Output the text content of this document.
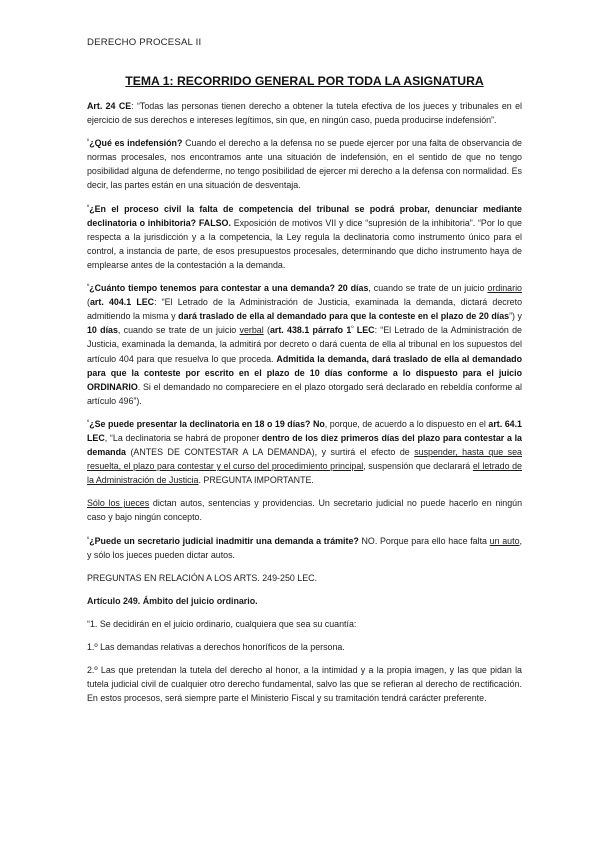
DERECHO PROCESAL II
TEMA 1: RECORRIDO GENERAL POR TODA LA ASIGNATURA

Art. 24 CE: “Todas las personas tienen derecho a obtener la tutela efectiva de los jueces y tribunales en el ejercicio de sus derechos e intereses legítimos, sin que, en ningún caso, pueda producirse indefensión”.

$^º$¿Qué es indefensión? Cuando el derecho a la defensa no se puede ejercer por una falta de observancia de normas procesales, nos encontramos ante una situación de indefensión, en el sentido de que no tengo posibilidad alguna de defenderme, no tengo posibilidad de ejercer mi derecho a la defensa con normalidad. Es decir, las partes están en una situación de desventaja.

$^º$¿En el proceso civil la falta de competencia del tribunal se podrá probar, denunciar mediante declinatoria o inhibitoria? FALSO. Exposición de motivos VII y dice “supresión de la inhibitoria”. “Por lo que respecta a la jurisdicción y a la competencia, la Ley regula la declinatoria como instrumento único para el control, a instancia de parte, de esos presupuestos procesales, determinando que dicho instrumento haya de emplearse antes de la contestación a la demanda.

$^º$¿Cuánto tiempo tenemos para contestar a una demanda? 20 días, cuando se trate de un juicio ordinario (art. 404.1 LEC: “El Letrado de la Administración de Justicia, examinada la demanda, dictará decreto admitiendo la misma y dará traslado de ella al demandado para que la conteste en el plazo de 20 días”) y 10 días, cuando se trate de un juicio verbal (art. 438.1 párrafo $1^º$ LEC: “El Letrado de la Administración de Justicia, examinada la demanda, la admitirá por decreto o dará cuenta de ella al tribunal en los supuestos del artículo 404 para que resuelva lo que proceda. Admitida la demanda, dará traslado de ella al demandado para que la conteste por escrito en el plazo de 10 días conforme a lo dispuesto para el juicio ORDINARIO. Si el demandado no compareciere en el plazo otorgado será declarado en rebeldía conforme al artículo 496”).

$^º$¿Se puede presentar la declinatoria en 18 o 19 días? No, porque, de acuerdo a lo dispuesto en el art. 64.1 LEC, “La declinatoria se habrá de proponer dentro de los diez primeros días del plazo para contestar a la demanda (ANTES DE CONTESTAR A LA DEMANDA), y surtirá el efecto de suspender, hasta que sea resuelta, el plazo para contestar y el curso del procedimiento principal, suspensión que declarará el letrado de la Administración de Justicia. PREGUNTA IMPORTANTE.

Sólo los jueces dictan autos, sentencias y providencias. Un secretario judicial no puede hacerlo en ningún caso y bajo ningún concepto.

$^º$¿Puede un secretario judicial inadmitir una demanda a trámite? NO. Porque para ello hace falta un auto, y sólo los jueces pueden dictar autos.

PREGUNTAS EN RELACIÓN A LOS ARTS. 249-250 LEC.

Artículo 249. Ámbito del juicio ordinario.

“1. Se decidirán en el juicio ordinario, cualquiera que sea su cuantía:

1.º Las demandas relativas a derechos honoríficos de la persona.

2.º Las que pretendan la tutela del derecho al honor, a la intimidad y a la propia imagen, y las que pidan la tutela judicial civil de cualquier otro derecho fundamental, salvo las que se refieran al derecho de rectificación. En estos procesos, será siempre parte el Ministerio Fiscal y su tramitación tendrá carácter preferente.
